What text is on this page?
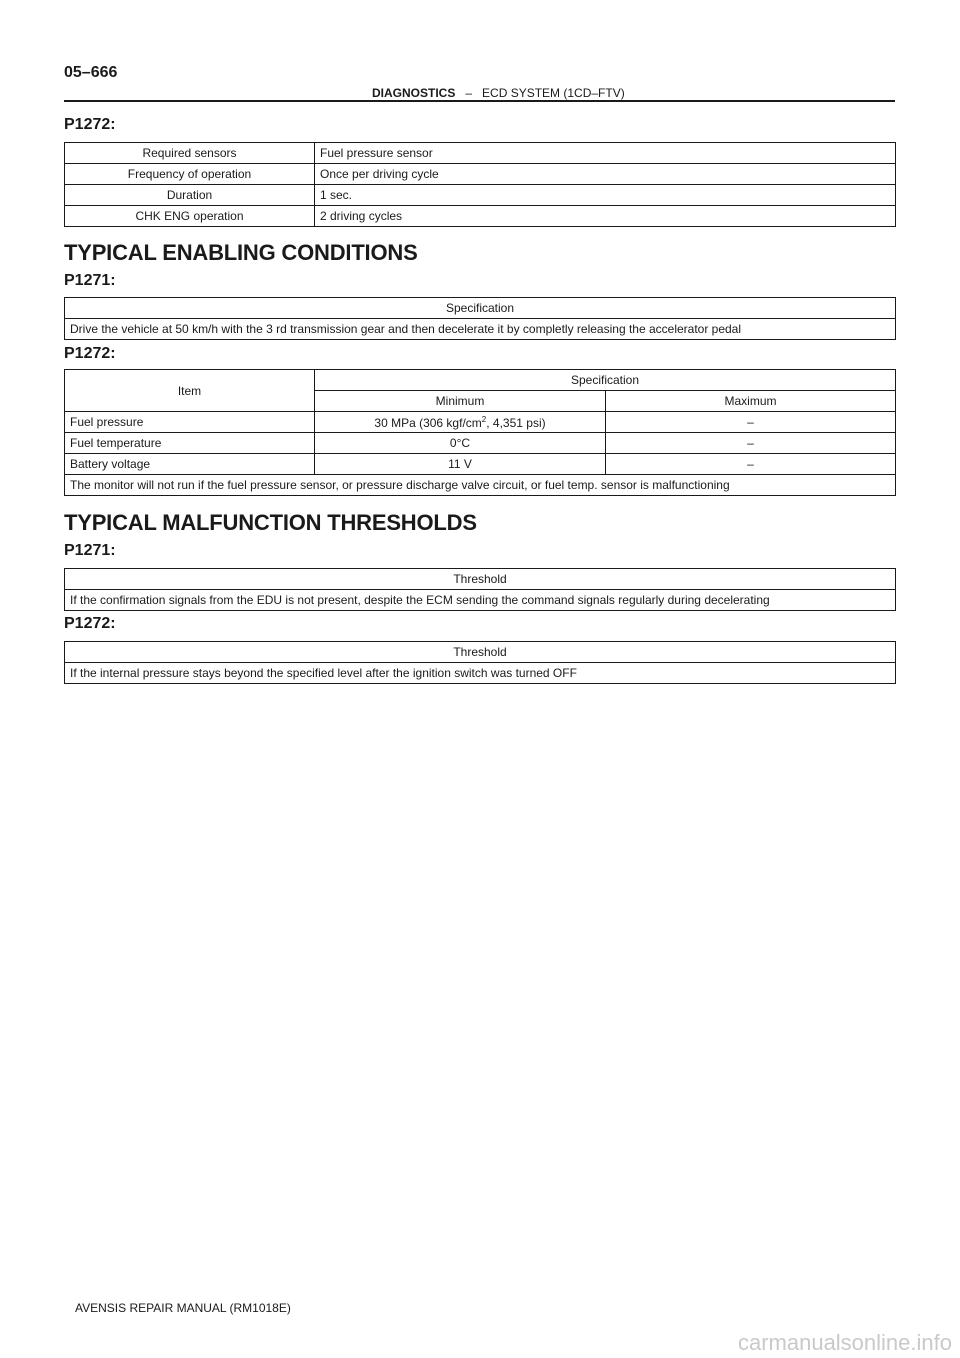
05–666
DIAGNOSTICS – ECD SYSTEM (1CD–FTV)
P1272:
Required sensors	Fuel pressure sensor
Frequency of operation	Once per driving cycle
Duration	1 sec.
CHK ENG operation	2 driving cycles
TYPICAL ENABLING CONDITIONS
P1271:
Specification
Drive the vehicle at 50 km/h with the 3 rd transmission gear and then decelerate it by completly releasing the accelerator pedal
P1272:
Item	Specification	
	Minimum	Maximum
Fuel pressure	30 MPa (306 kgf/$cm^2$, 4,351 psi)	–
Fuel temperature	0°C	–
Battery voltage	11 V	–
The monitor will not run if the fuel pressure sensor, or pressure discharge valve circuit, or fuel temp. sensor is malfunctioning		
TYPICAL MALFUNCTION THRESHOLDS
P1271:
Threshold
If the confirmation signals from the EDU is not present, despite the ECM sending the command signals regularly during decelerating
P1272:
Threshold
If the internal pressure stays beyond the specified level after the ignition switch was turned OFF
AVENSIS REPAIR MANUAL (RM1018E)
carmanualsonline.info
